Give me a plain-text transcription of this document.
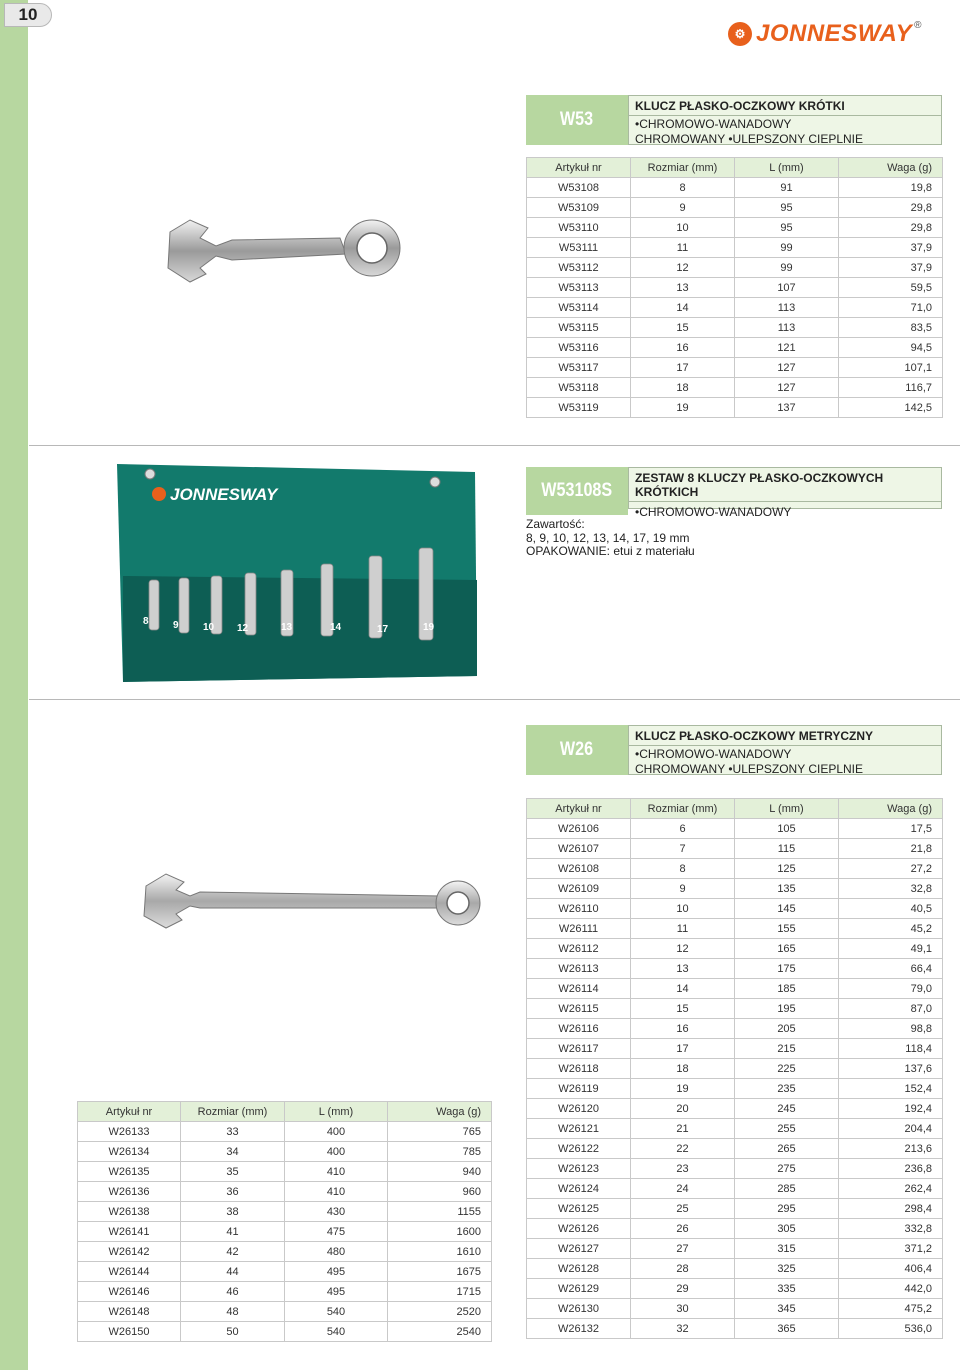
10
⚙ JONNESWAY ®
W53
KLUCZ PŁASKO-OCZKOWY KRÓTKI
•CHROMOWO-WANADOWY
CHROMOWANY •ULEPSZONY CIEPLNIE
Artykuł nr	Rozmiar (mm)	L (mm)	Waga (g)
W53108	8	91	19,8
W53109	9	95	29,8
W53110	10	95	29,8
W53111	11	99	37,9
W53112	12	99	37,9
W53113	13	107	59,5
W53114	14	113	71,0
W53115	15	113	83,5
W53116	16	121	94,5
W53117	17	127	107,1
W53118	18	127	116,7
W53119	19	137	142,5
JONNESWAY
8 9 10 12	13	14	17	19
W53108S
ZESTAW 8 KLUCZY PŁASKO-OCZKOWYCH KRÓTKICH
•CHROMOWO-WANADOWY
Zawartość:
8, 9, 10, 12, 13, 14, 17, 19 mm
OPAKOWANIE: etui z materiału
W26
KLUCZ PŁASKO-OCZKOWY METRYCZNY
•CHROMOWO-WANADOWY
CHROMOWANY •ULEPSZONY CIEPLNIE
Artykuł nr	Rozmiar (mm)	L (mm)	Waga (g)
W26106	6	105	17,5
W26107	7	115	21,8
W26108	8	125	27,2
W26109	9	135	32,8
W26110	10	145	40,5
W26111	11	155	45,2
W26112	12	165	49,1
W26113	13	175	66,4
W26114	14	185	79,0
W26115	15	195	87,0
W26116	16	205	98,8
W26117	17	215	118,4
W26118	18	225	137,6
W26119	19	235	152,4
W26120	20	245	192,4
W26121	21	255	204,4
W26122	22	265	213,6
W26123	23	275	236,8
W26124	24	285	262,4
W26125	25	295	298,4
W26126	26	305	332,8
W26127	27	315	371,2
W26128	28	325	406,4
W26129	29	335	442,0
W26130	30	345	475,2
W26132	32	365	536,0
Artykuł nr	Rozmiar (mm)	L (mm)	Waga (g)
W26133	33	400	765
W26134	34	400	785
W26135	35	410	940
W26136	36	410	960
W26138	38	430	1155
W26141	41	475	1600
W26142	42	480	1610
W26144	44	495	1675
W26146	46	495	1715
W26148	48	540	2520
W26150	50	540	2540
